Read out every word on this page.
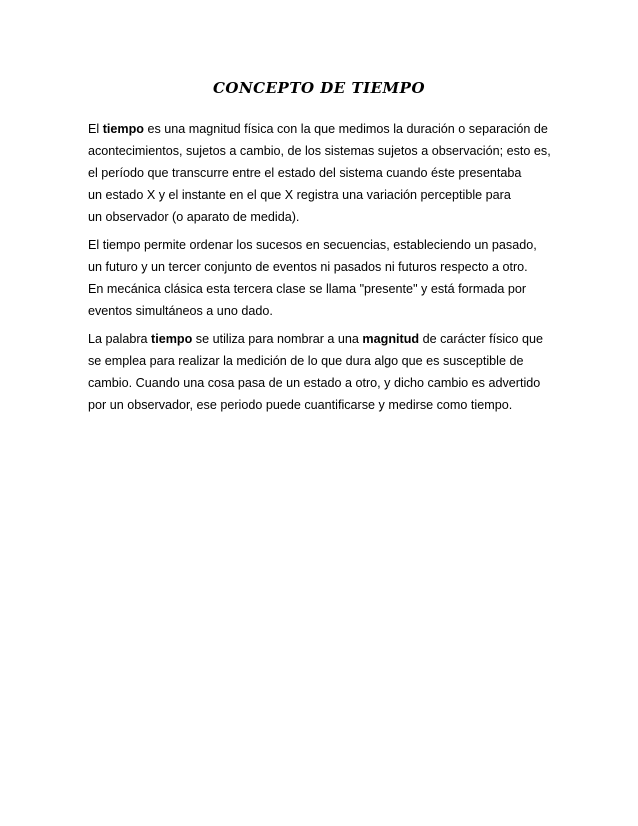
CONCEPTO DE TIEMPO

El tiempo es una magnitud física con la que medimos la duración o separación de
acontecimientos, sujetos a cambio, de los sistemas sujetos a observación; esto es,
el período que transcurre entre el estado del sistema cuando éste presentaba
un estado X y el instante en el que X registra una variación perceptible para
un observador (o aparato de medida).

El tiempo permite ordenar los sucesos en secuencias, estableciendo un pasado,
un futuro y un tercer conjunto de eventos ni pasados ni futuros respecto a otro.
En mecánica clásica esta tercera clase se llama "presente" y está formada por
eventos simultáneos a uno dado.

La palabra tiempo se utiliza para nombrar a una magnitud de carácter físico que
se emplea para realizar la medición de lo que dura algo que es susceptible de
cambio. Cuando una cosa pasa de un estado a otro, y dicho cambio es advertido
por un observador, ese periodo puede cuantificarse y medirse como tiempo.
